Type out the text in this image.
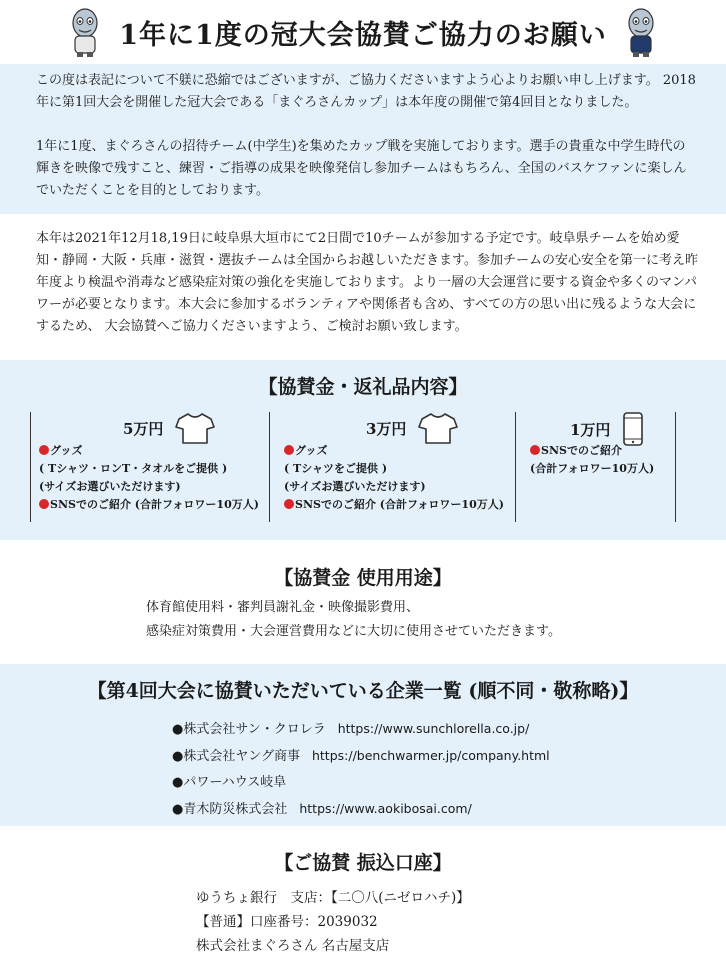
1年に1度の冠大会協賛ご協力のお願い

この度は表記について不躾に恐縮ではございますが、ご協力くださいますよう心よりお願い申し上げます。 2018年に第1回大会を開催した冠大会である「まぐろさんカップ」は本年度の開催で第4回目となりました。

1年に1度、まぐろさんの招待チーム(中学生)を集めたカップ戦を実施しております。選手の貴重な中学生時代の輝きを映像で残すこと、練習・ご指導の成果を映像発信し参加チームはもちろん、全国のバスケファンに楽しんでいただくことを目的としております。

本年は2021年12月18,19日に岐阜県大垣市にて2日間で10チームが参加する予定です。岐阜県チームを始め愛知・静岡・大阪・兵庫・滋賀・選抜チームは全国からお越しいただきます。参加チームの安心安全を第一に考え昨年度より検温や消毒など感染症対策の強化を実施しております。より一層の大会運営に要する資金や多くのマンパワーが必要となります。本大会に参加するボランティアや関係者も含め、すべての方の思い出に残るような大会にするため、 大会協賛へご協力くださいますよう、ご検討お願い致します。

【協賛金・返礼品内容】
5万円
グッズ
( Tシャツ・ロンT・タオルをご提供 )
(サイズお選びいただけます)
SNSでのご紹介 (合計フォロワー10万人)
3万円
グッズ
( Tシャツをご提供 )
(サイズお選びいただけます)
SNSでのご紹介 (合計フォロワー10万人)
1万円
SNSでのご紹介
(合計フォロワー10万人)
【協賛金 使用用途】
体育館使用料・審判員謝礼金・映像撮影費用、
感染症対策費用・大会運営費用などに大切に使用させていただきます。
【第4回大会に協賛いただいている企業一覧 (順不同・敬称略)】
●株式会社サン・クロレラ https://www.sunchlorella.co.jp/
●株式会社ヤング商事 https://benchwarmer.jp/company.html
●パワーハウス岐阜
●青木防災株式会社 https://www.aokibosai.com/
【ご協賛 振込口座】
ゆうちょ銀行　支店：【二〇八(ニゼロハチ)】
【普通】口座番号：2039032
株式会社まぐろさん 名古屋支店
